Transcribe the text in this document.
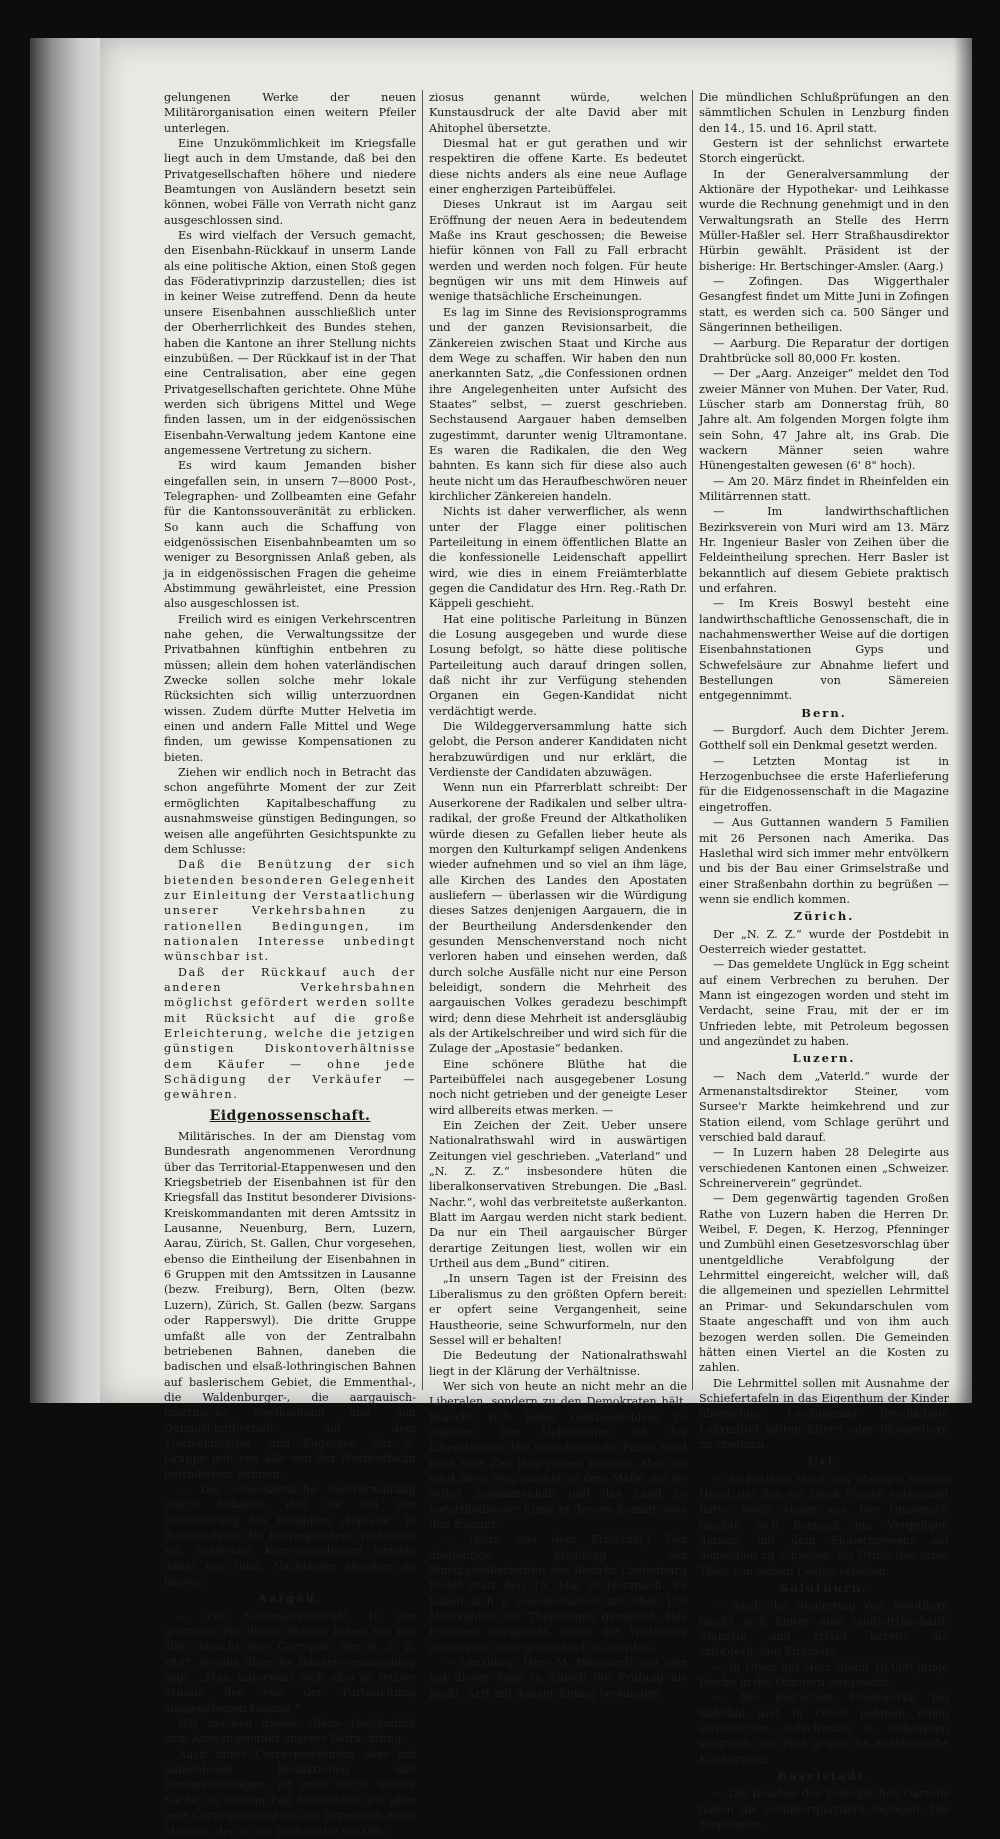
gelungenen Werke der neuen Militärorganisation einen weitern Pfeiler unterlegen.

Eine Unzukömmlichkeit im Kriegsfalle liegt auch in dem Umstande, daß bei den Privatgesellschaften höhere und niedere Beamtungen von Ausländern besetzt sein können, wobei Fälle von Verrath nicht ganz ausgeschlossen sind.

Es wird vielfach der Versuch gemacht, den Eisenbahn-Rückkauf in unserm Lande als eine politische Aktion, einen Stoß gegen das Föderativprinzip darzustellen; dies ist in keiner Weise zutreffend. Denn da heute unsere Eisenbahnen ausschließlich unter der Oberherrlichkeit des Bundes stehen, haben die Kantone an ihrer Stellung nichts einzubüßen. — Der Rückkauf ist in der That eine Centralisation, aber eine gegen Privatgesellschaften gerichtete. Ohne Mühe werden sich übrigens Mittel und Wege finden lassen, um in der eidgenössischen Eisenbahn-Verwaltung jedem Kantone eine angemessene Vertretung zu sichern.

Es wird kaum Jemanden bisher eingefallen sein, in unsern 7—8000 Post-, Telegraphen- und Zollbeamten eine Gefahr für die Kantonssouveränität zu erblicken. So kann auch die Schaffung von eidgenössischen Eisenbahnbeamten um so weniger zu Besorgnissen Anlaß geben, als ja in eidgenössischen Fragen die geheime Abstimmung gewährleistet, eine Pression also ausgeschlossen ist.

Freilich wird es einigen Verkehrscentren nahe gehen, die Verwaltungssitze der Privatbahnen künftighin entbehren zu müssen; allein dem hohen vaterländischen Zwecke sollen solche mehr lokale Rücksichten sich willig unterzuordnen wissen. Zudem dürfte Mutter Helvetia im einen und andern Falle Mittel und Wege finden, um gewisse Kompensationen zu bieten.

Ziehen wir endlich noch in Betracht das schon angeführte Moment der zur Zeit ermöglichten Kapitalbeschaffung zu ausnahmsweise günstigen Bedingungen, so weisen alle angeführten Gesichtspunkte zu dem Schlusse:

Daß die Benützung der sich bietenden besonderen Gelegenheit zur Einleitung der Verstaatlichung unserer Verkehrsbahnen zu rationellen Bedingungen, im nationalen Interesse unbedingt wünschbar ist.

Daß der Rückkauf auch der anderen Verkehrsbahnen möglichst gefördert werden sollte mit Rücksicht auf die große Erleichterung, welche die jetzigen günstigen Diskontoverhältnisse dem Käufer — ohne jede Schädigung der Verkäufer — gewähren.

Eidgenossenschaft.

Militärisches. In der am Dienstag vom Bundesrath angenommenen Verordnung über das Territorial-Etappenwesen und den Kriegsbetrieb der Eisenbahnen ist für den Kriegsfall das Institut besonderer Divisions-Kreiskommandanten mit deren Amtssitz in Lausanne, Neuenburg, Bern, Luzern, Aarau, Zürich, St. Gallen, Chur vorgesehen, ebenso die Eintheilung der Eisenbahnen in 6 Gruppen mit den Amtssitzen in Lausanne (bezw. Freiburg), Bern, Olten (bezw. Luzern), Zürich, St. Gallen (bezw. Sargans oder Rapperswyl). Die dritte Gruppe umfaßt alle von der Zentralbahn betriebenen Bahnen, daneben die badischen und elsaß-lothringischen Bahnen auf baslerischem Gebiet, die Emmenthal-, die Waldenburger-, die aargauisch-luzernische Seethalbahn und den Dampfschiffbetrieb auf dem Vierwaldstätter- und Zugersee. Zur 5. Gruppe gehören alle von der Nordostbahn betriebenen Bahnen.

— Die schweizerische Postverwaltung macht bekannt, daß sie bei der Desinfizirung des Dampfers „Equator“ in Buenos-Ayres die Korrespondenz verbrannt sei. Schweizer Korrespondenten werden daher gut thun, Nachläufer abgehen zu lassen.

Aargau.

— Zur Nationalrathswahl. In der gestrigen Nr. dieses Blattes haben wir mit aller Absicht eine Corrspdz. der N. Z. Z. zitirt, welche über die Bünzerversammlung sagt: „Man unterwarf sich also in letzter Stunde der von der Parteileitung ausgegebenen Losung.“

Wir machen dieses offene Geständniß zum Ausgangspunkt unserer Betrachtung.

Auch unter Correspondenten oder mit namenlosen Redaktionen und herumzuschlagen, ist zwar nicht unsere Sache; in diesem Fall betrachten wir aber jene Correspondenz als das Erzeugniß eines Mannes, der in der Diplomatie ein Offi-

ziosus genannt würde, welchen Kunstausdruck der alte David aber mit Ahitophel übersetzte.

Diesmal hat er gut gerathen und wir respektiren die offene Karte. Es bedeutet diese nichts anders als eine neue Auflage einer engherzigen Parteibüffelei.

Dieses Unkraut ist im Aargau seit Eröffnung der neuen Aera in bedeutendem Maße ins Kraut geschossen; die Beweise hiefür können von Fall zu Fall erbracht werden und werden noch folgen. Für heute begnügen wir uns mit dem Hinweis auf wenige thatsächliche Erscheinungen.

Es lag im Sinne des Revisionsprogramms und der ganzen Revisionsarbeit, die Zänkereien zwischen Staat und Kirche aus dem Wege zu schaffen. Wir haben den nun anerkannten Satz, „die Confessionen ordnen ihre Angelegenheiten unter Aufsicht des Staates“ selbst, — zuerst geschrieben. Sechstausend Aargauer haben demselben zugestimmt, darunter wenig Ultramontane. Es waren die Radikalen, die den Weg bahnten. Es kann sich für diese also auch heute nicht um das Heraufbeschwören neuer kirchlicher Zänkereien handeln.

Nichts ist daher verwerflicher, als wenn unter der Flagge einer politischen Parteileitung in einem öffentlichen Blatte an die konfessionelle Leidenschaft appellirt wird, wie dies in einem Freiämterblatte gegen die Candidatur des Hrn. Reg.-Rath Dr. Käppeli geschieht.

Hat eine politische Parleitung in Bünzen die Losung ausgegeben und wurde diese Losung befolgt, so hätte diese politische Parteileitung auch darauf dringen sollen, daß nicht ihr zur Verfügung stehenden Organen ein Gegen-Kandidat nicht verdächtigt werde.

Die Wildeggerversammlung hatte sich gelobt, die Person anderer Kandidaten nicht herabzuwürdigen und nur erklärt, die Verdienste der Candidaten abzuwägen.

Wenn nun ein Pfarrerblatt schreibt: Der Auserkorene der Radikalen und selber ultra-radikal, der große Freund der Altkatholiken würde diesen zu Gefallen lieber heute als morgen den Kulturkampf seligen Andenkens wieder aufnehmen und so viel an ihm läge, alle Kirchen des Landes den Apostaten ausliefern — überlassen wir die Würdigung dieses Satzes denjenigen Aargauern, die in der Beurtheilung Andersdenkender den gesunden Menschenverstand noch nicht verloren haben und einsehen werden, daß durch solche Ausfälle nicht nur eine Person beleidigt, sondern die Mehrheit des aargauischen Volkes geradezu beschimpft wird; denn diese Mehrheit ist andersgläubig als der Artikelschreiber und wird sich für die Zulage der „Apostasie“ bedanken.

Eine schönere Blüthe hat die Parteibüffelei nach ausgegebener Losung noch nicht getrieben und der geneigte Leser wird allbereits etwas merken. —

Ein Zeichen der Zeit. Ueber unsere Nationalrathswahl wird in auswärtigen Zeitungen viel geschrieben. „Vaterland“ und „N. Z. Z.“ insbesondere hüten die liberalkonservativen Strebungen. Die „Basl. Nachr.“, wohl das verbreitetste außerkanton. Blatt im Aargau werden nicht stark bedient. Da nur ein Theil aargauischer Bürger derartige Zeitungen liest, wollen wir ein Urtheil aus dem „Bund“ citiren.

„In unsern Tagen ist der Freisinn des Liberalismus zu den größten Opfern bereit: er opfert seine Vergangenheit, seine Haustheorie, seine Schwurformeln, nur den Sessel will er behalten!

Die Bedeutung der Nationalrathswahl liegt in der Klärung der Verhältnisse.

Wer sich von heute an nicht mehr an die Liberalen, sondern zu den Demokraten hält, braucht sich keine Gewissensbisse zu machen. Der Ueberläufer ist der Liberalismus. Die demokratische Partei wird noch eine Zeit lang ringen müssen, aber sie wird ihren Weg machen in dem Maße, als sie selbst zusammenhält und das Land zu vorurtheilsloser Einsicht dessen kommt, was ihm frommt.

— (Korr. aus dem Frickthal.) Der diesjährige Musiktag der Musikgesellschaften des Bezirks Laufenburg findet statt den 15. Mai in Herznach. Es haben sich 8 Gesellschaften mit über 130 Musikanten zur Theilnahme gemeldet. Das Festchen verspricht, wenn die Witterung günstig ist, sehr gemüthlich zu werden.

— Lenzburg. Herr M. Hämmerli von hier hat dieser Tage in Zürich die Prüfung als prakt. Arzt mit Auszeichnung bestanden.

Die mündlichen Schlußprüfungen an den sämmtlichen Schulen in Lenzburg finden den 14., 15. und 16. April statt.

Gestern ist der sehnlichst erwartete Storch eingerückt.

In der Generalversammlung der Aktionäre der Hypothekar- und Leihkasse wurde die Rechnung genehmigt und in den Verwaltungsrath an Stelle des Herrn Müller-Haßler sel. Herr Straßhausdirektor Hürbin gewählt. Präsident ist der bisherige: Hr. Bertschinger-Amsler. (Aarg.)

— Zofingen. Das Wiggerthaler Gesangfest findet um Mitte Juni in Zofingen statt, es werden sich ca. 500 Sänger und Sängerinnen betheiligen.

— Aarburg. Die Reparatur der dortigen Drahtbrücke soll 80,000 Fr. kosten.

— Der „Aarg. Anzeiger“ meldet den Tod zweier Männer von Muhen. Der Vater, Rud. Lüscher starb am Donnerstag früh, 80 Jahre alt. Am folgenden Morgen folgte ihm sein Sohn, 47 Jahre alt, ins Grab. Die wackern Männer seien wahre Hünengestalten gewesen (6' 8" hoch).

— Am 20. März findet in Rheinfelden ein Militärrennen statt.

— Im landwirthschaftlichen Bezirksverein von Muri wird am 13. März Hr. Ingenieur Basler von Zeihen über die Feldeintheilung sprechen. Herr Basler ist bekanntlich auf diesem Gebiete praktisch und erfahren.

— Im Kreis Boswyl besteht eine landwirthschaftliche Genossenschaft, die in nachahmenswerther Weise auf die dortigen Eisenbahnstationen Gyps und Schwefelsäure zur Abnahme liefert und Bestellungen von Sämereien entgegennimmt.

Bern.

— Burgdorf. Auch dem Dichter Jerem. Gotthelf soll ein Denkmal gesetzt werden.

— Letzten Montag ist in Herzogenbuchsee die erste Haferlieferung für die Eidgenossenschaft in die Magazine eingetroffen.

— Aus Guttannen wandern 5 Familien mit 26 Personen nach Amerika. Das Haslethal wird sich immer mehr entvölkern und bis der Bau einer Grimselstraße und einer Straßenbahn dorthin zu begrüßen — wenn sie endlich kommen.

Zürich.

Der „N. Z. Z.“ wurde der Postdebit in Oesterreich wieder gestattet.

— Das gemeldete Unglück in Egg scheint auf einem Verbrechen zu beruhen. Der Mann ist eingezogen worden und steht im Verdacht, seine Frau, mit der er im Unfrieden lebte, mit Petroleum begossen und angezündet zu haben.

Luzern.

— Nach dem „Vaterld.“ wurde der Armenanstaltsdirektor Steiner, vom Sursee'r Markte heimkehrend und zur Station eilend, vom Schlage gerührt und verschied bald darauf.

— In Luzern haben 28 Delegirte aus verschiedenen Kantonen einen „Schweizer. Schreinerverein“ gegründet.

— Dem gegenwärtig tagenden Großen Rathe von Luzern haben die Herren Dr. Weibel, F. Degen, K. Herzog, Pfenninger und Zumbühl einen Gesetzesvorschlag über unentgeldliche Verabfolgung der Lehrmittel eingereicht, welcher will, daß die allgemeinen und speziellen Lehrmittel an Primar- und Sekundarschulen vom Staate angeschafft und von ihm auch bezogen werden sollen. Die Gemeinden hätten einen Viertel an die Kosten zu zahlen.

Die Lehrmittel sollen mit Ausnahme der Schiefertafeln in das Eigenthum der Kinder übergehen. Leichtsinnig beschädigte Lehrmittel hätten Eltern oder Pflegeeltern zu ersetzen.

Uri.

— In Erstfeld stach ein Metzger seinem Hund, der ihm ein Stück Fleisch entwendet hatte, beide Augen aus. Der Unmensch machte sich hernach ein Vergnügen daraus, mit dem Flobertgewehr auf denselben zu schießen, bis Dritte das arme Thier von seinen Leiden erlösten.

Solothurn.

— Auch die Regierung von Solothurn macht sich hinter eine landwirthschaftl. Statistik und erläßt bereits die erforderlichen Zirkulare.

— In Olten hat Herr Biehli 10,000 junge Fische in die Dünnern ausgesetzt.

— Die Roll'schen Eisenwerke bei Balsthal und in Olten nehmen einen erfreulichen Aufschwung u. behaupten siegreich das Feld gegen die ausländische Konkurrenz.

Baselstadt.

— Die Insaßen des zoologischen Gartens haben die Sommerquartiere bezogen. Die Elephantin
